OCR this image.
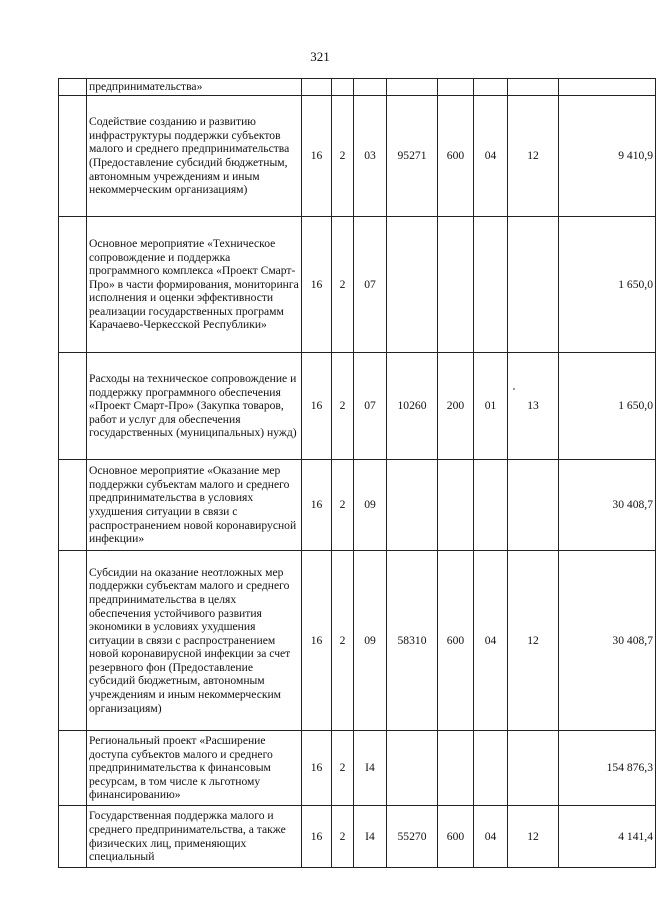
321
	предпринимательства»								
	Содействие созданию и развитию инфраструктуры поддержки субъектов малого и среднего предпринимательства (Предоставление субсидий бюджетным, автономным учреждениям и иным некоммерческим организациям)	16	2	03	95271	600	04	12	9 410,9
	Основное мероприятие «Техническое сопровождение и поддержка программного комплекса «Проект Смарт-Про» в части формирования, мониторинга исполнения и оценки эффективности реализации государственных программ Карачаево-Черкесской Республики»	16	2	07					1 650,0
	Расходы на техническое сопровождение и поддержку программного обеспечения «Проект Смарт-Про» (Закупка товаров, работ и услуг для обеспечения государственных (муниципальных) нужд)	16	2	07	10260	200	01	13	1 650,0
	Основное мероприятие «Оказание мер поддержки субъектам малого и среднего предпринимательства в условиях ухудшения ситуации в связи с распространением новой коронавирусной инфекции»	16	2	09					30 408,7
	Субсидии на оказание неотложных мер поддержки субъектам малого и среднего предпринимательства в целях обеспечения устойчивого развития экономики в условиях ухудшения ситуации в связи с распространением новой коронавирусной инфекции за счет резервного фон (Предоставление субсидий бюджетным, автономным учреждениям и иным некоммерческим организациям)	16	2	09	58310	600	04	12	30 408,7
	Региональный проект «Расширение доступа субъектов малого и среднего предпринимательства к финансовым ресурсам, в том числе к льготному финансированию»	16	2	I4					154 876,3
	Государственная поддержка малого и среднего предпринимательства, а также физических лиц, применяющих специальный	16	2	I4	55270	600	04	12	4 141,4
